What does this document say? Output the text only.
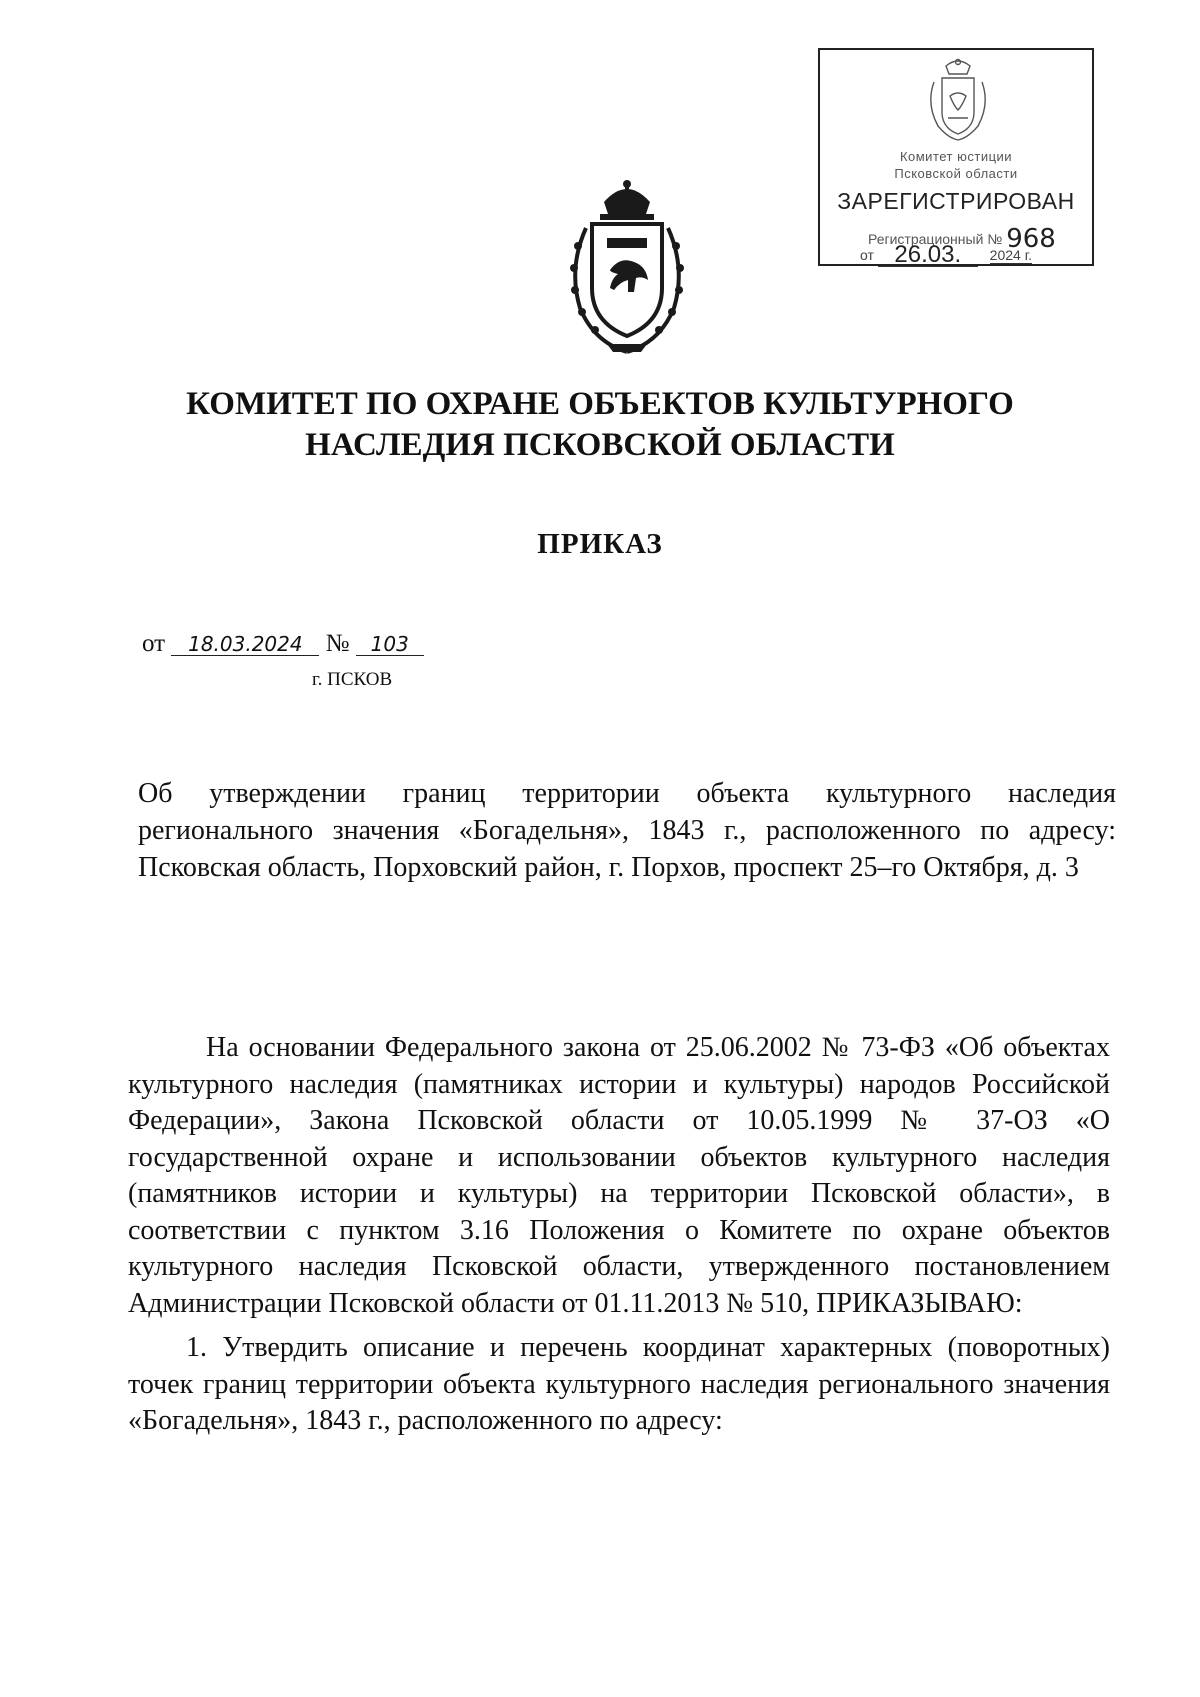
Комитет юстиции
Псковской области
ЗАРЕГИСТРИРОВАН
Регистрационный № 968
от 26.03. 2024 г.
КОМИТЕТ ПО ОХРАНЕ ОБЪЕКТОВ КУЛЬТУРНОГО
НАСЛЕДИЯ ПСКОВСКОЙ ОБЛАСТИ
ПРИКАЗ
от 18.03.2024 № 103
г. ПСКОВ
Об утверждении границ территории объекта культурного наследия регионального значения «Богадельня», 1843 г., расположенного по адресу: Псковская область, Порховский район, г. Порхов, проспект 25–го Октября, д. 3

На основании Федерального закона от 25.06.2002 № 73-ФЗ «Об объектах культурного наследия (памятниках истории и культуры) народов Российской Федерации», Закона Псковской области от 10.05.1999 № 37-ОЗ «О государственной охране и использовании объектов культурного наследия (памятников истории и культуры) на территории Псковской области», в соответствии с пунктом 3.16 Положения о Комитете по охране объектов культурного наследия Псковской области, утвержденного постановлением Администрации Псковской области от 01.11.2013 № 510, ПРИКАЗЫВАЮ:

1. Утвердить описание и перечень координат характерных (поворотных) точек границ территории объекта культурного наследия регионального значения «Богадельня», 1843 г., расположенного по адресу:
